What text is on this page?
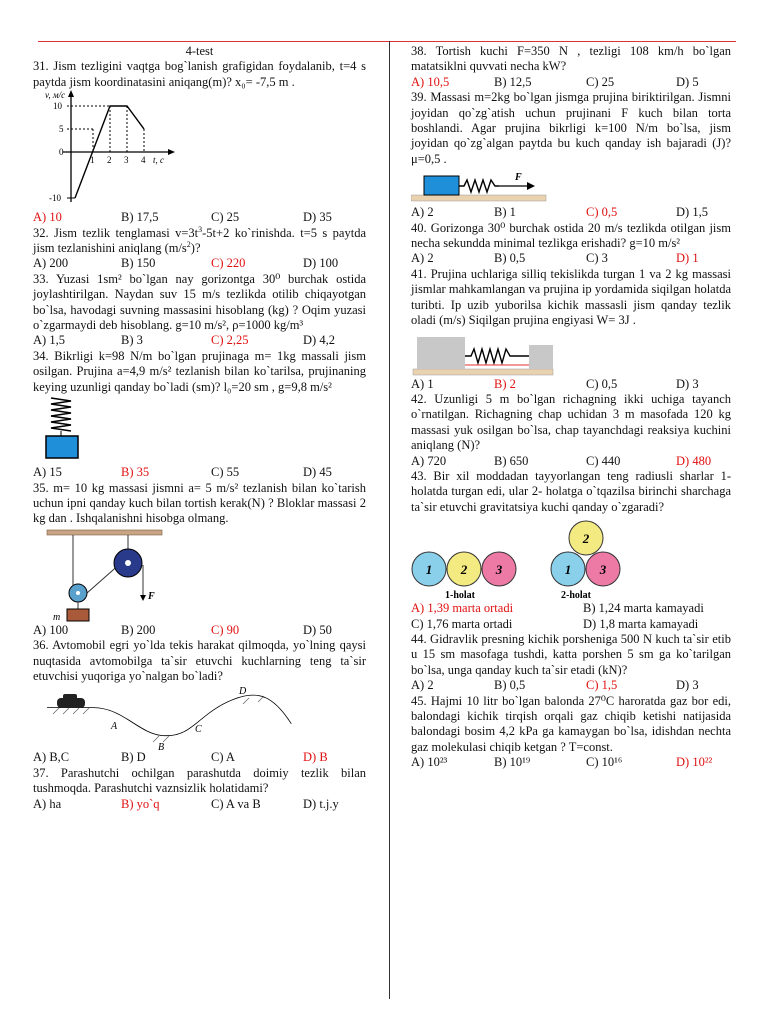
4-test

31. Jism tezligini vaqtga bog`lanish grafigidan foydalanib, t=4 s paytda jism koordinatasini aniqang(m)? x₀= -7,5 m .

v, м/с
t, c
10
5
0
-10
1 2 3 4
A) 10	B) 17,5	C) 25	D) 35

32. Jism tezlik tenglamasi $v=3t^3-5t+2$ ko`rinishda. t=5 s paytda jism tezlanishini aniqlang $(m/s^2)$?

A) 200	B) 150	C) 220	D) 100

33. Yuzasi 1sm² bo`lgan nay gorizontga 30⁰ burchak ostida joylashtirilgan. Naydan suv 15 m/s tezlikda otilib chiqayotgan bo`lsa, havodagi suvning massasini hisoblang (kg) ? Oqim yuzasi o`zgarmaydi deb hisoblang. g=10 m/s², ρ=1000 kg/m³

A) 1,5	B) 3	C) 2,25	D) 4,2

34. Bikrligi k=98 N/m bo`lgan prujinaga m= 1kg massali jism osilgan. Prujina a=4,9 m/s² tezlanish bilan ko`tarilsa, prujinaning keying uzunligi qanday bo`ladi (sm)? l₀=20 sm , g=9,8 m/s²

A) 15	B) 35	C) 55	D) 45

35. m= 10 kg massasi jismni a= 5 m/s² tezlanish bilan ko`tarish uchun ipni qanday kuch bilan tortish kerak(N) ? Bloklar massasi 2 kg dan . Ishqalanishni hisobga olmang.

F
m
A) 100	B) 200	C) 90	D) 50

36. Avtomobil egri yo`lda tekis harakat qilmoqda, yo`lning qaysi nuqtasida avtomobilga ta`sir etuvchi kuchlarning teng ta`sir etuvchisi yuqoriga yo`nalgan bo`ladi?

A
B
C
D
A) B,C	B) D	C) A	D) B

37. Parashutchi ochilgan parashutda doimiy tezlik bilan tushmoqda. Parashutchi vaznsizlik holatidami?

A) ha	B) yo`q	C) A va B	D) t.j.y

38. Tortish kuchi F=350 N , tezligi 108 km/h bo`lgan matatsiklni quvvati necha kW?

A) 10,5	B) 12,5	C) 25	D) 5

39. Massasi m=2kg bo`lgan jismga prujina biriktirilgan. Jismni joyidan qo`zg`atish uchun prujinani F kuch bilan torta boshlandi. Agar prujina bikrligi k=100 N/m bo`lsa, jism joyidan qo`zg`algan paytda bu kuch qanday ish bajaradi (J)? μ=0,5 .

F
A) 2	B) 1	C) 0,5	D) 1,5

40. Gorizonga 30⁰ burchak ostida 20 m/s tezlikda otilgan jism necha sekundda minimal tezlikga erishadi? g=10 m/s²

A) 2	B) 0,5	C) 3	D) 1

41. Prujina uchlariga silliq tekislikda turgan 1 va 2 kg massasi jismlar mahkamlangan va prujina ip yordamida siqilgan holatda turibti. Ip uzib yuborilsa kichik massasli jism qanday tezlik oladi (m/s) Siqilgan prujina engiyasi W= 3J .

A) 1	B) 2	C) 0,5	D) 3

42. Uzunligi 5 m bo`lgan richagning ikki uchiga tayanch o`rnatilgan. Richagning chap uchidan 3 m masofada 120 kg massasi yuk osilgan bo`lsa, chap tayanchdagi reaksiya kuchini aniqlang (N)?

A) 720	B) 650	C) 440	D) 480

43. Bir xil moddadan tayyorlangan teng radiusli sharlar 1- holatda turgan edi, ular 2- holatga o`tqazilsa birinchi sharchaga ta`sir etuvchi gravitatsiya kuchi qanday o`zgaradi?

1 2 3
2
1 3
1-holat	2-holat
A) 1,39 marta ortadi	B) 1,24 marta kamayadi
C) 1,76 marta ortadi	D) 1,8 marta kamayadi

44. Gidravlik presning kichik porsheniga 500 N kuch ta`sir etib u 15 sm masofaga tushdi, katta porshen 5 sm ga ko`tarilgan bo`lsa, unga qanday kuch ta`sir etadi (kN)?

A) 2	B) 0,5	C) 1,5	D) 3

45. Hajmi 10 litr bo`lgan balonda 27⁰C haroratda gaz bor edi, balondagi kichik tirqish orqali gaz chiqib ketishi natijasida balondagi bosim 4,2 kPa ga kamaygan bo`lsa, idishdan nechta gaz molekulasi chiqib ketgan ? T=const.

A) 10²³	B) 10¹⁹	C) 10¹⁶	D) 10²²
